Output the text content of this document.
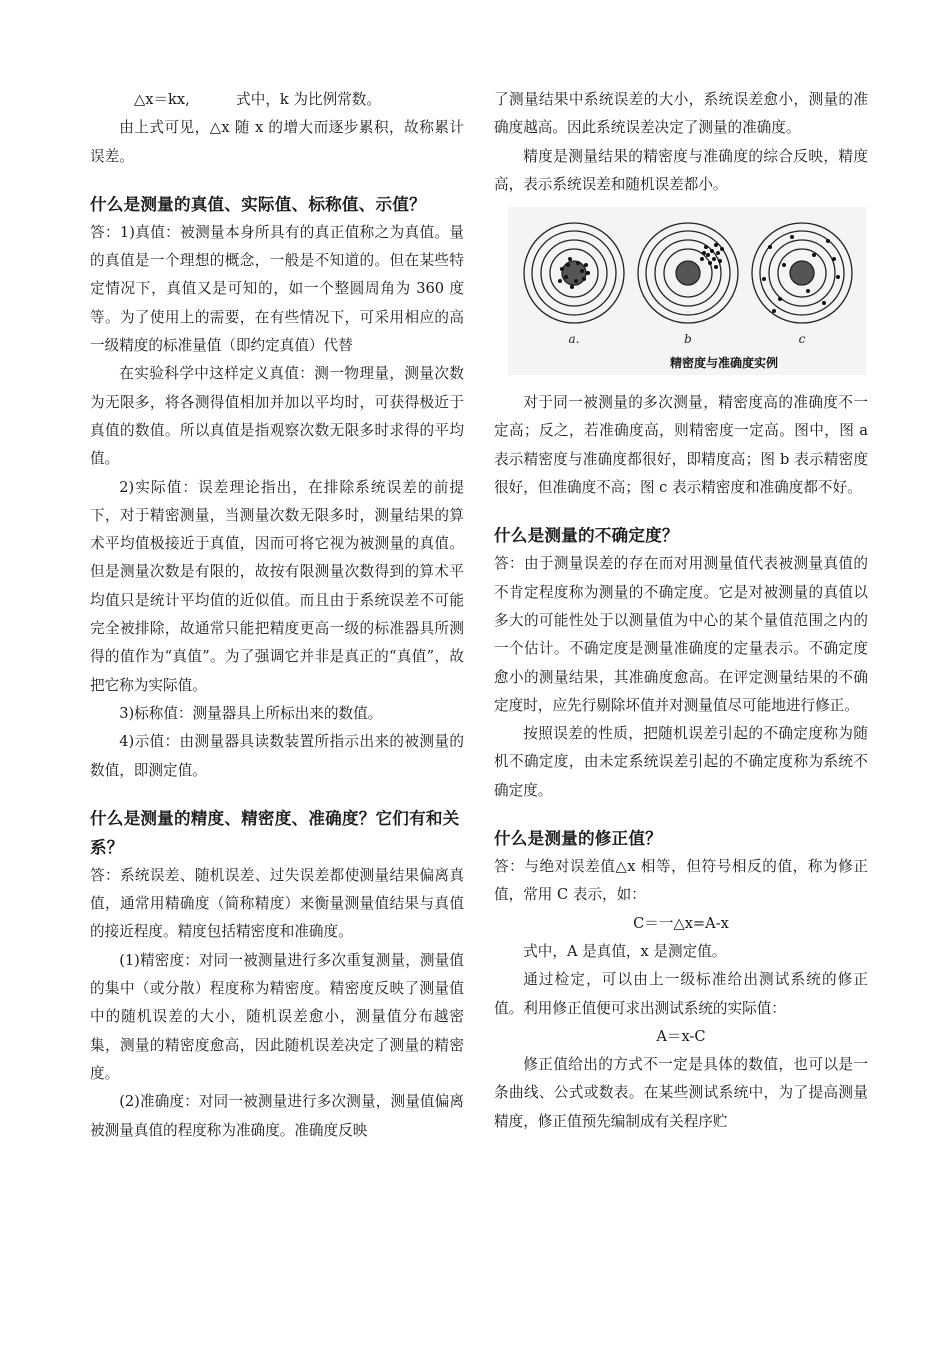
△x＝kx,          式中，k 为比例常数。

由上式可见，△x 随 x 的增大而逐步累积，故称累计误差。

什么是测量的真值、实际值、标称值、示值？

答：1)真值：被测量本身所具有的真正值称之为真值。量的真值是一个理想的概念，一般是不知道的。但在某些特定情况下，真值又是可知的，如一个整圆周角为 360 度等。为了使用上的需要，在有些情况下，可采用相应的高一级精度的标准量值（即约定真值）代替

在实验科学中这样定义真值：测一物理量，测量次数为无限多，将各测得值相加并加以平均时，可获得极近于真值的数值。所以真值是指观察次数无限多时求得的平均值。

2)实际值：误差理论指出，在排除系统误差的前提下，对于精密测量，当测量次数无限多时，测量结果的算术平均值极接近于真值，因而可将它视为被测量的真值。但是测量次数是有限的，故按有限测量次数得到的算术平均值只是统计平均值的近似值。而且由于系统误差不可能完全被排除，故通常只能把精度更高一级的标准器具所测得的值作为“真值”。为了强调它并非是真正的“真值”，故把它称为实际值。

3)标称值：测量器具上所标出来的数值。

4)示值：由测量器具读数装置所指示出来的被测量的数值，即测定值。

什么是测量的精度、精密度、准确度？它们有和关系？

答：系统误差、随机误差、过失误差都使测量结果偏离真值，通常用精确度（简称精度）来衡量测量值结果与真值的接近程度。精度包括精密度和准确度。

(1)精密度：对同一被测量进行多次重复测量，测量值的集中（或分散）程度称为精密度。精密度反映了测量值中的随机误差的大小，随机误差愈小，测量值分布越密集，测量的精密度愈高，因此随机误差决定了测量的精密度。

(2)准确度：对同一被测量进行多次测量，测量值偏离被测量真值的程度称为准确度。准确度反映

了测量结果中系统误差的大小，系统误差愈小，测量的准确度越高。因此系统误差决定了测量的准确度。

精度是测量结果的精密度与准确度的综合反映，精度高，表示系统误差和随机误差都小。

a.	b	c
精密度与准确度实例

对于同一被测量的多次测量，精密度高的准确度不一定高；反之，若准确度高，则精密度一定高。图中，图 a 表示精密度与准确度都很好，即精度高；图 b 表示精密度很好，但准确度不高；图 c 表示精密度和准确度都不好。

什么是测量的不确定度？

答：由于测量误差的存在而对用测量值代表被测量真值的不肯定程度称为测量的不确定度。它是对被测量的真值以多大的可能性处于以测量值为中心的某个量值范围之内的一个估计。不确定度是测量准确度的定量表示。不确定度愈小的测量结果，其准确度愈高。在评定测量结果的不确定度时，应先行剔除坏值并对测量值尽可能地进行修正。

按照误差的性质，把随机误差引起的不确定度称为随机不确定度，由未定系统误差引起的不确定度称为系统不确定度。

什么是测量的修正值？

答：与绝对误差值△x 相等，但符号相反的值，称为修正值，常用 C 表示，如：

C＝一△x=A-x

式中，A 是真值，x 是测定值。

通过检定，可以由上一级标准给出测试系统的修正值。利用修正值便可求出测试系统的实际值：

A＝x-C

修正值给出的方式不一定是具体的数值，也可以是一条曲线、公式或数表。在某些测试系统中，为了提高测量精度，修正值预先编制成有关程序贮
